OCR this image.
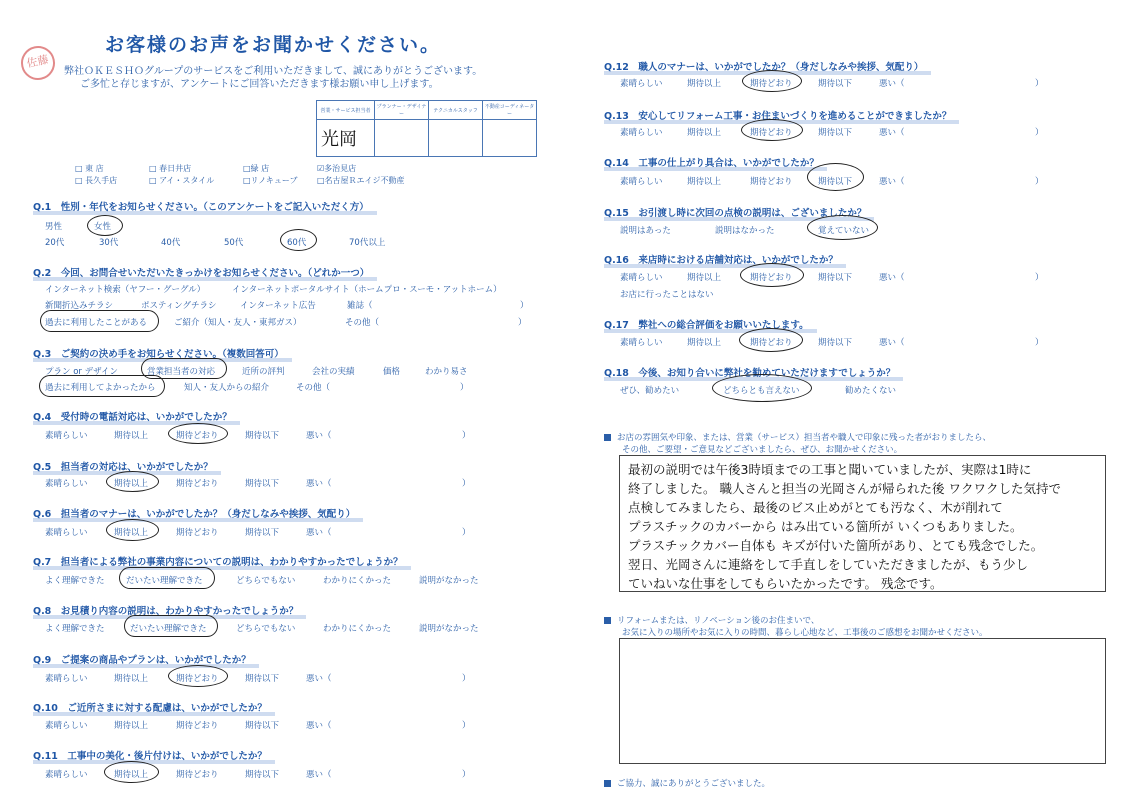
佐藤
お客様のお声をお聞かせください。
弊社ＯＫＥＳＨＯグループのサービスをご利用いただきまして、誠にありがとうございます。
ご多忙と存じますが、アンケートにご回答いただきます様お願い申し上げます。
営業・サービス担当者	プランナー・デザイナー	テクニカルスタッフ	不動産コーディネーター
光岡			
□ 東 店	□ 春日井店	□緑 店	☑多治見店
□ 長久手店	□ アイ・スタイル	□リノキューブ □名古屋Ｒエイジ不動産
Q.1　性別・年代をお知らせください。（このアンケートをご記入いただく方）
男性	女性
20代	30代	40代	50代	60代	70代以上
Q.2　今回、お問合せいただいたきっかけをお知らせください。（どれか一つ）
インターネット検索（ヤフー・グーグル）	インターネットポータルサイト（ホームプロ・スーモ・アットホーム）
新聞折込みチラシ	ポスティングチラシ	インターネット広告	雑誌（	）
過去に利用したことがある	ご紹介（知人・友人・東邦ガス）	その他（	）
Q.3　ご契約の決め手をお知らせください。（複数回答可）
プラン or デザイン	営業担当者の対応	近所の評判	会社の実績	価格	わかり易さ
過去に利用してよかったから	知人・友人からの紹介	その他（	）
Q.4　受付時の電話対応は、いかがでしたか？
素晴らしい	期待以上	期待どおり	期待以下	悪い（	）
Q.5　担当者の対応は、いかがでしたか？
素晴らしい	期待以上	期待どおり	期待以下	悪い（	）
Q.6　担当者のマナーは、いかがでしたか？（身だしなみや挨拶、気配り）
素晴らしい	期待以上	期待どおり	期待以下	悪い（	）
Q.7　担当者による弊社の事業内容についての説明は、わかりやすかったでしょうか？
よく理解できた	だいたい理解できた	どちらでもない	わかりにくかった	説明がなかった
Q.8　お見積り内容の説明は、わかりやすかったでしょうか？
よく理解できた	だいたい理解できた	どちらでもない	わかりにくかった	説明がなかった
Q.9　ご提案の商品やプランは、いかがでしたか？
素晴らしい	期待以上	期待どおり	期待以下	悪い（	）
Q.10　ご近所さまに対する配慮は、いかがでしたか？
素晴らしい	期待以上	期待どおり	期待以下	悪い（	）
Q.11　工事中の美化・後片付けは、いかがでしたか？
素晴らしい	期待以上	期待どおり	期待以下	悪い（	）
Q.12　職人のマナーは、いかがでしたか？（身だしなみや挨拶、気配り）
素晴らしい	期待以上	期待どおり	期待以下	悪い（	）
Q.13　安心してリフォーム工事・お住まいづくりを進めることができましたか？
素晴らしい	期待以上	期待どおり	期待以下	悪い（	）
Q.14　工事の仕上がり具合は、いかがでしたか？
素晴らしい	期待以上	期待どおり	期待以下	悪い（	）
Q.15　お引渡し時に次回の点検の説明は、ございましたか？
説明はあった	説明はなかった	覚えていない
Q.16　来店時における店舗対応は、いかがでしたか？
素晴らしい	期待以上	期待どおり	期待以下	悪い（	）
お店に行ったことはない
Q.17　弊社への総合評価をお願いいたします。
素晴らしい	期待以上	期待どおり	期待以下	悪い（	）
Q.18　今後、お知り合いに弊社を勧めていただけますでしょうか？
ぜひ、勧めたい	どちらとも言えない	勧めたくない
お店の雰囲気や印象、または、営業（サービス）担当者や職人で印象に残った者がおりましたら、
その他、ご要望・ご意見などございましたら、ぜひ、お聞かせください。
最初の説明では午後3時頃までの工事と聞いていましたが、実際は1時に
終了しました。 職人さんと担当の光岡さんが帰られた後 ワクワクした気持で
点検してみましたら、最後のビス止めがとても汚なく、木が削れて
プラスチックのカバーから はみ出ている箇所が いくつもありました。
プラスチックカバー自体も キズが付いた箇所があり、とても残念でした。
翌日、光岡さんに連絡をして手直しをしていただきましたが、もう少し
ていねいな仕事をしてもらいたかったです。 残念です。
リフォームまたは、リノベーション後のお住まいで、
お気に入りの場所やお気に入りの時間、暮らし心地など、工事後のご感想をお聞かせください。
ご協力、誠にありがとうございました。
